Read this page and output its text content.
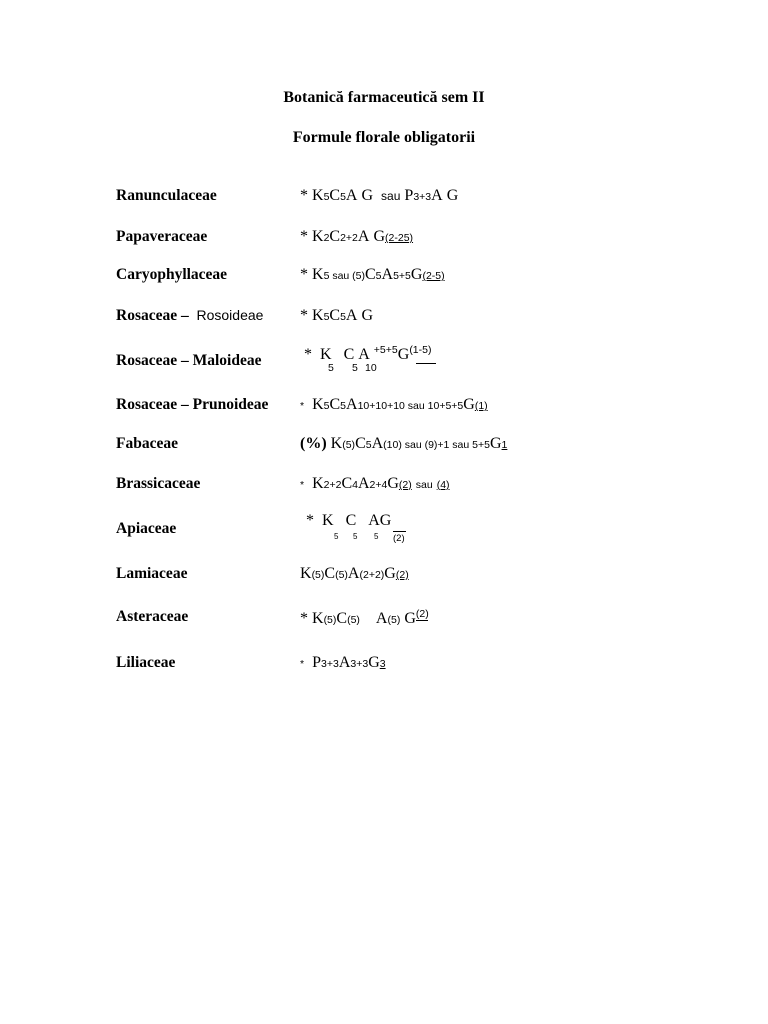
Botanică farmaceutică sem II
Formule florale obligatorii
Ranunculaceae	* K5C5A G sau P3+3A G
Papaveraceae	* K2C2+2A G(2-25)
Caryophyllaceae	* K5 sau (5)C5A5+5G(2-5)
Rosaceae – Rosoideae * K5C5A G
Rosaceae – Maloideae	* K C A $^{+5+5}G^{(1-5)}$
5 5 10
Rosaceae – Prunoideae	* K5C5A10+10+10 sau 10+5+5G(1)
Fabaceae	(%) K(5)C5A(10) sau (9)+1 sau 5+5G1
Brassicaceae	* K2+2C4A2+4G(2) sau (4)
Apiaceae	* K C AG
5 5 5 (2)
Lamiaceae	K(5)C(5)A(2+2)G(2)
Asteraceae	* K(5)C(5) A(5) $G^{(2)}$
Liliaceae	* P3+3A3+3G3
